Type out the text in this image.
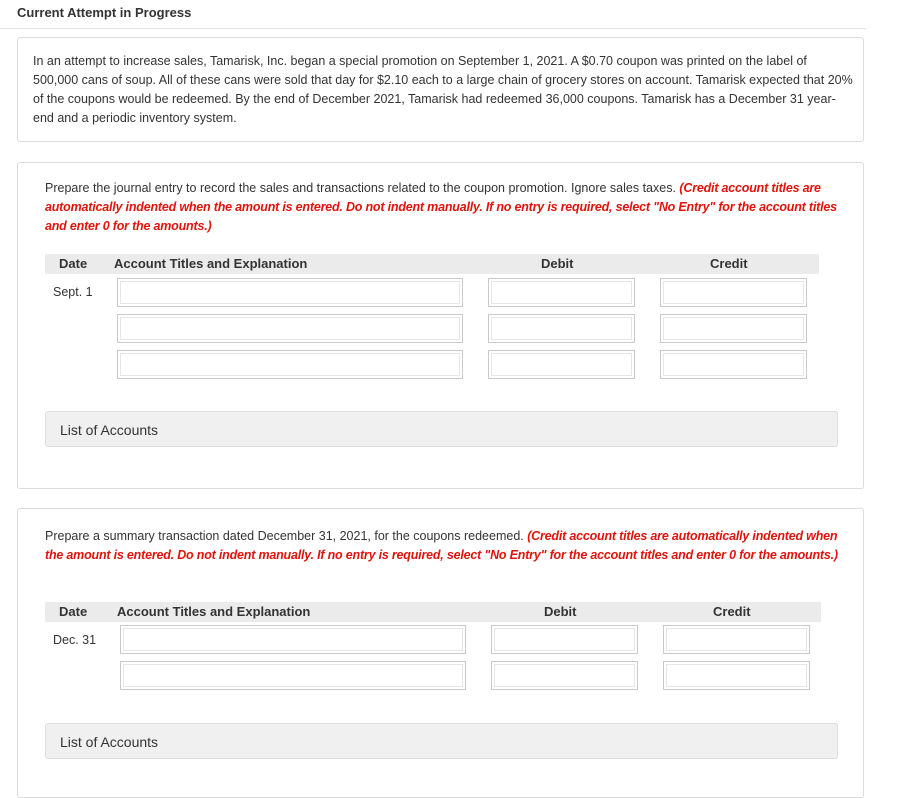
Current Attempt in Progress
In an attempt to increase sales, Tamarisk, Inc. began a special promotion on September 1, 2021. A $0.70 coupon was printed on the label of 500,000 cans of soup. All of these cans were sold that day for $2.10 each to a large chain of grocery stores on account. Tamarisk expected that 20% of the coupons would be redeemed. By the end of December 2021, Tamarisk had redeemed 36,000 coupons. Tamarisk has a December 31 year-end and a periodic inventory system.
Prepare the journal entry to record the sales and transactions related to the coupon promotion. Ignore sales taxes. (Credit account titles are automatically indented when the amount is entered. Do not indent manually. If no entry is required, select "No Entry" for the account titles and enter 0 for the amounts.)
Date Account Titles and Explanation	Debit	Credit
Sept. 1
List of Accounts
Prepare a summary transaction dated December 31, 2021, for the coupons redeemed. (Credit account titles are automatically indented when the amount is entered. Do not indent manually. If no entry is required, select "No Entry" for the account titles and enter 0 for the amounts.)
Date Account Titles and Explanation	Debit	Credit
Dec. 31
List of Accounts
